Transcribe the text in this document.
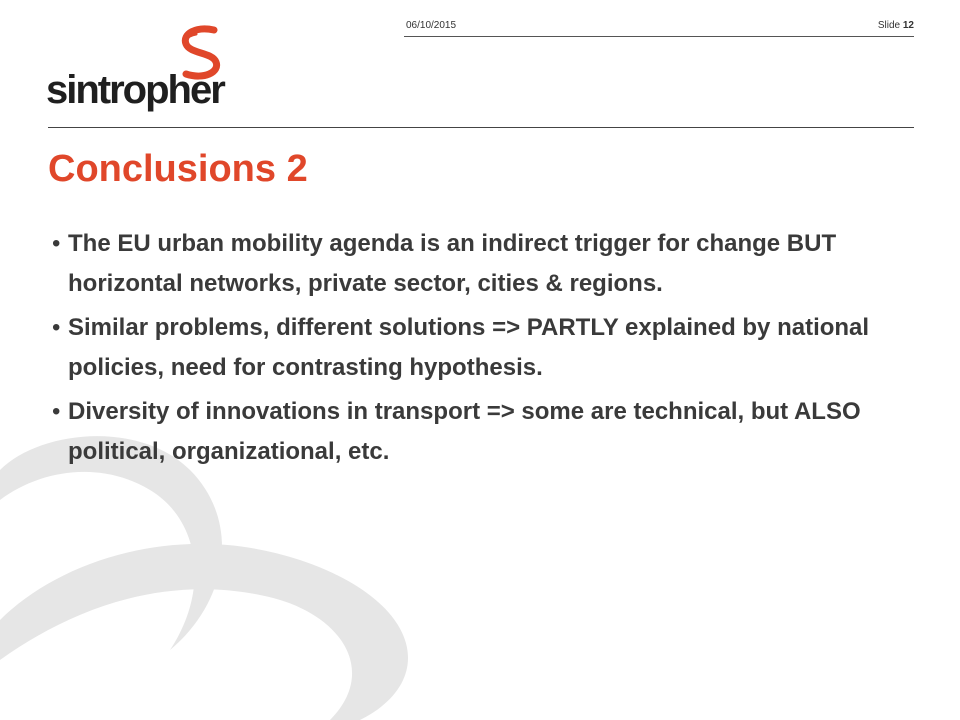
06/10/2015	Slide 12
sintropher
Conclusions 2
• The EU urban mobility agenda is an indirect trigger for change BUT horizontal networks, private sector, cities & regions.
• Similar problems, different solutions => PARTLY explained by national policies, need for contrasting hypothesis.
• Diversity of innovations in transport => some are technical, but ALSO political, organizational, etc.
